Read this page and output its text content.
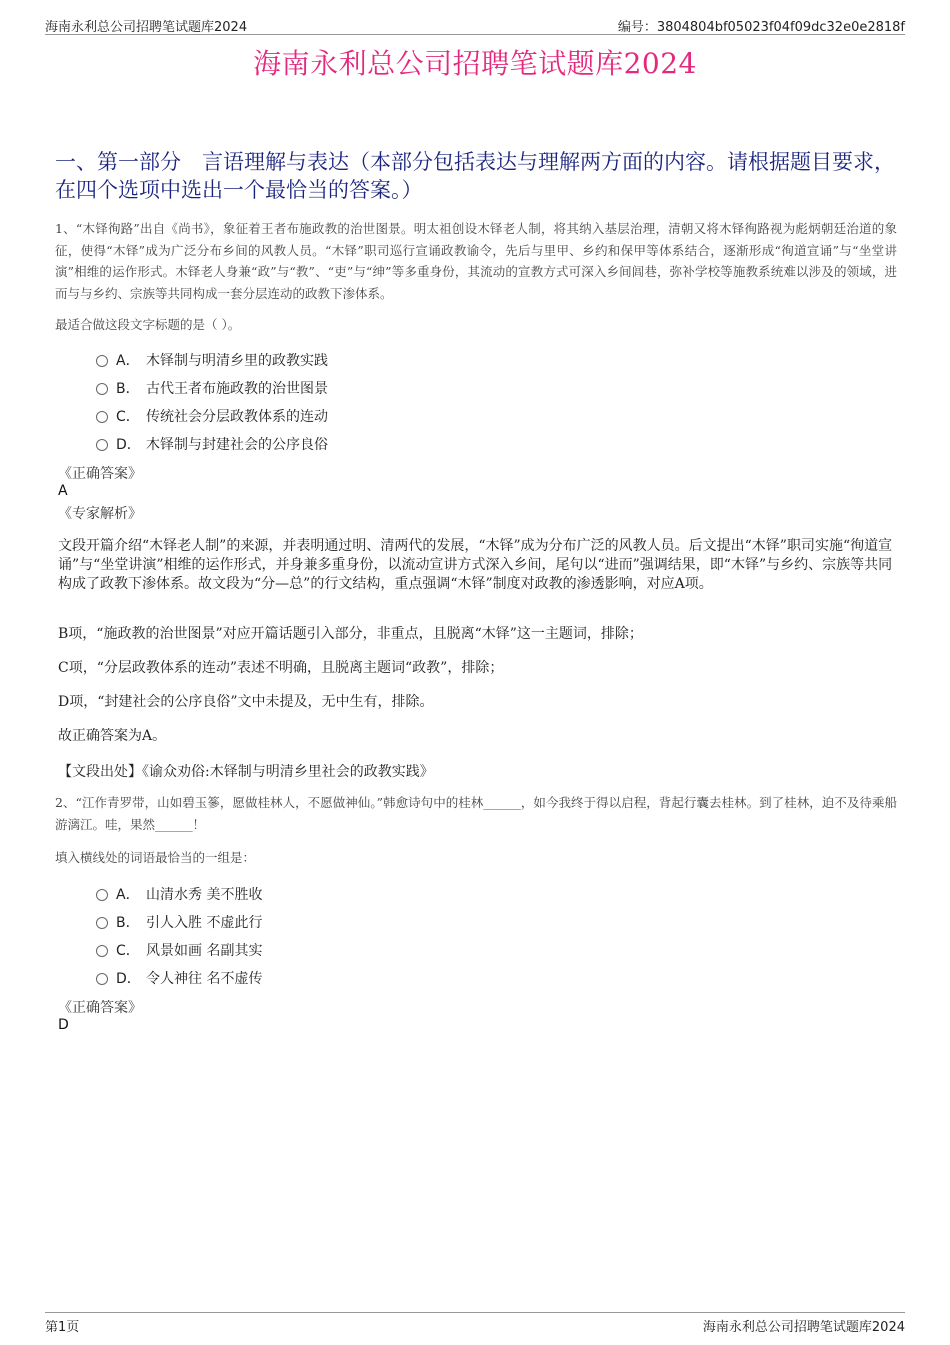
海南永利总公司招聘笔试题库2024	编号：3804804bf05023f04f09dc32e0e2818f
海南永利总公司招聘笔试题库2024
一、第一部分　言语理解与表达（本部分包括表达与理解两方面的内容。请根据题目要求，在四个选项中选出一个最恰当的答案。）
1、“木铎徇路”出自《尚书》，象征着王者布施政教的治世图景。明太祖创设木铎老人制，将其纳入基层治理，清朝又将木铎徇路视为彪炳朝廷治道的象征，使得“木铎”成为广泛分布乡间的风教人员。“木铎”职司巡行宣诵政教谕令，先后与里甲、乡约和保甲等体系结合，逐渐形成“徇道宣诵”与“坐堂讲演”相维的运作形式。木铎老人身兼“政”与“教”、“吏”与“绅”等多重身份，其流动的宣教方式可深入乡间闾巷，弥补学校等施教系统难以涉及的领域，进而与与乡约、宗族等共同构成一套分层连动的政教下渗体系。
最适合做这段文字标题的是（ ）。
A． 木铎制与明清乡里的政教实践
B． 古代王者布施政教的治世图景
C． 传统社会分层政教体系的连动
D． 木铎制与封建社会的公序良俗
《正确答案》
A
《专家解析》
文段开篇介绍“木铎老人制”的来源，并表明通过明、清两代的发展，“木铎”成为分布广泛的风教人员。后文提出“木铎”职司实施“徇道宣诵”与“坐堂讲演”相维的运作形式，并身兼多重身份，以流动宣讲方式深入乡间，尾句以“进而”强调结果，即“木铎”与乡约、宗族等共同构成了政教下渗体系。故文段为“分—总”的行文结构，重点强调“木铎”制度对政教的渗透影响，对应A项。
B项，“施政教的治世图景”对应开篇话题引入部分，非重点，且脱离“木铎”这一主题词，排除；
C项，“分层政教体系的连动”表述不明确，且脱离主题词“政教”，排除；
D项，“封建社会的公序良俗”文中未提及，无中生有，排除。
故正确答案为A。
【文段出处】《谕众劝俗:木铎制与明清乡里社会的政教实践》
2、“江作青罗带，山如碧玉篸，愿做桂林人，不愿做神仙。”韩愈诗句中的桂林______，如今我终于得以启程，背起行囊去桂林。到了桂林，迫不及待乘船游漓江。哇，果然______！
填入横线处的词语最恰当的一组是：
A． 山清水秀 美不胜收
B． 引人入胜 不虚此行
C． 风景如画 名副其实
D． 令人神往 名不虚传
《正确答案》
D
第1页	海南永利总公司招聘笔试题库2024
